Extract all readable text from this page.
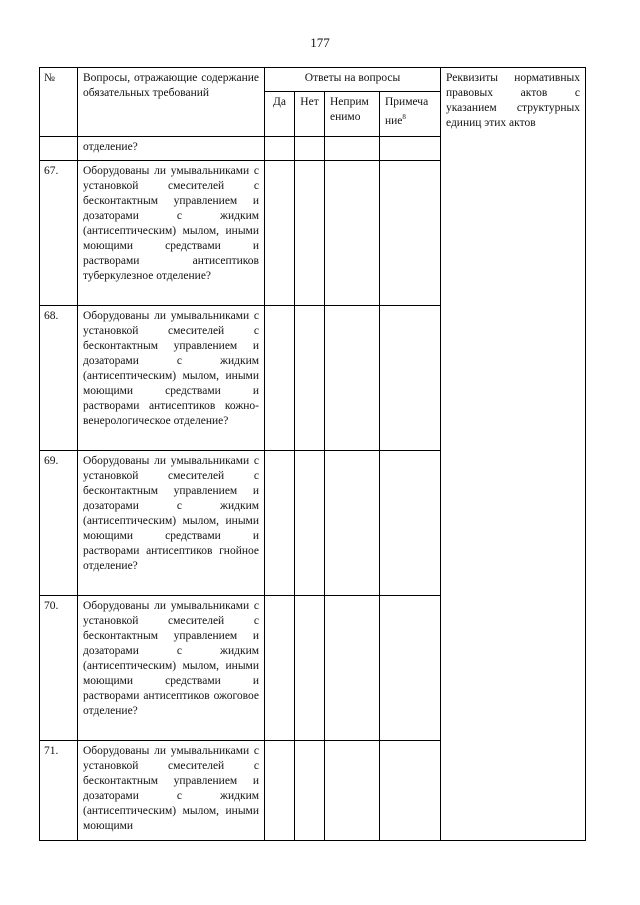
177
№	Вопросы, отражающие содержание обязательных требований	Ответы на вопросы				Реквизиты нормативных правовых актов с указанием структурных единиц этих актов
		Да	Нет	Неприм енимо	Примеча ние$^8$
	отделение?					
67.	Оборудованы ли умывальниками с установкой смесителей с бесконтактным управлением и дозаторами с жидким (антисептическим) мылом, иными моющими средствами и растворами антисептиков туберкулезное отделение?					

68.	Оборудованы ли умывальниками с установкой смесителей с бесконтактным управлением и дозаторами с жидким (антисептическим) мылом, иными моющими средствами и растворами антисептиков кожно-венерологическое отделение?					

69.	Оборудованы ли умывальниками с установкой смесителей с бесконтактным управлением и дозаторами с жидким (антисептическим) мылом, иными моющими средствами и растворами антисептиков гнойное отделение?					

70.	Оборудованы ли умывальниками с установкой смесителей с бесконтактным управлением и дозаторами с жидким (антисептическим) мылом, иными моющими средствами и растворами антисептиков ожоговое отделение?					

71.	Оборудованы ли умывальниками с установкой смесителей с бесконтактным управлением и дозаторами с жидким (антисептическим) мылом, иными моющими					
